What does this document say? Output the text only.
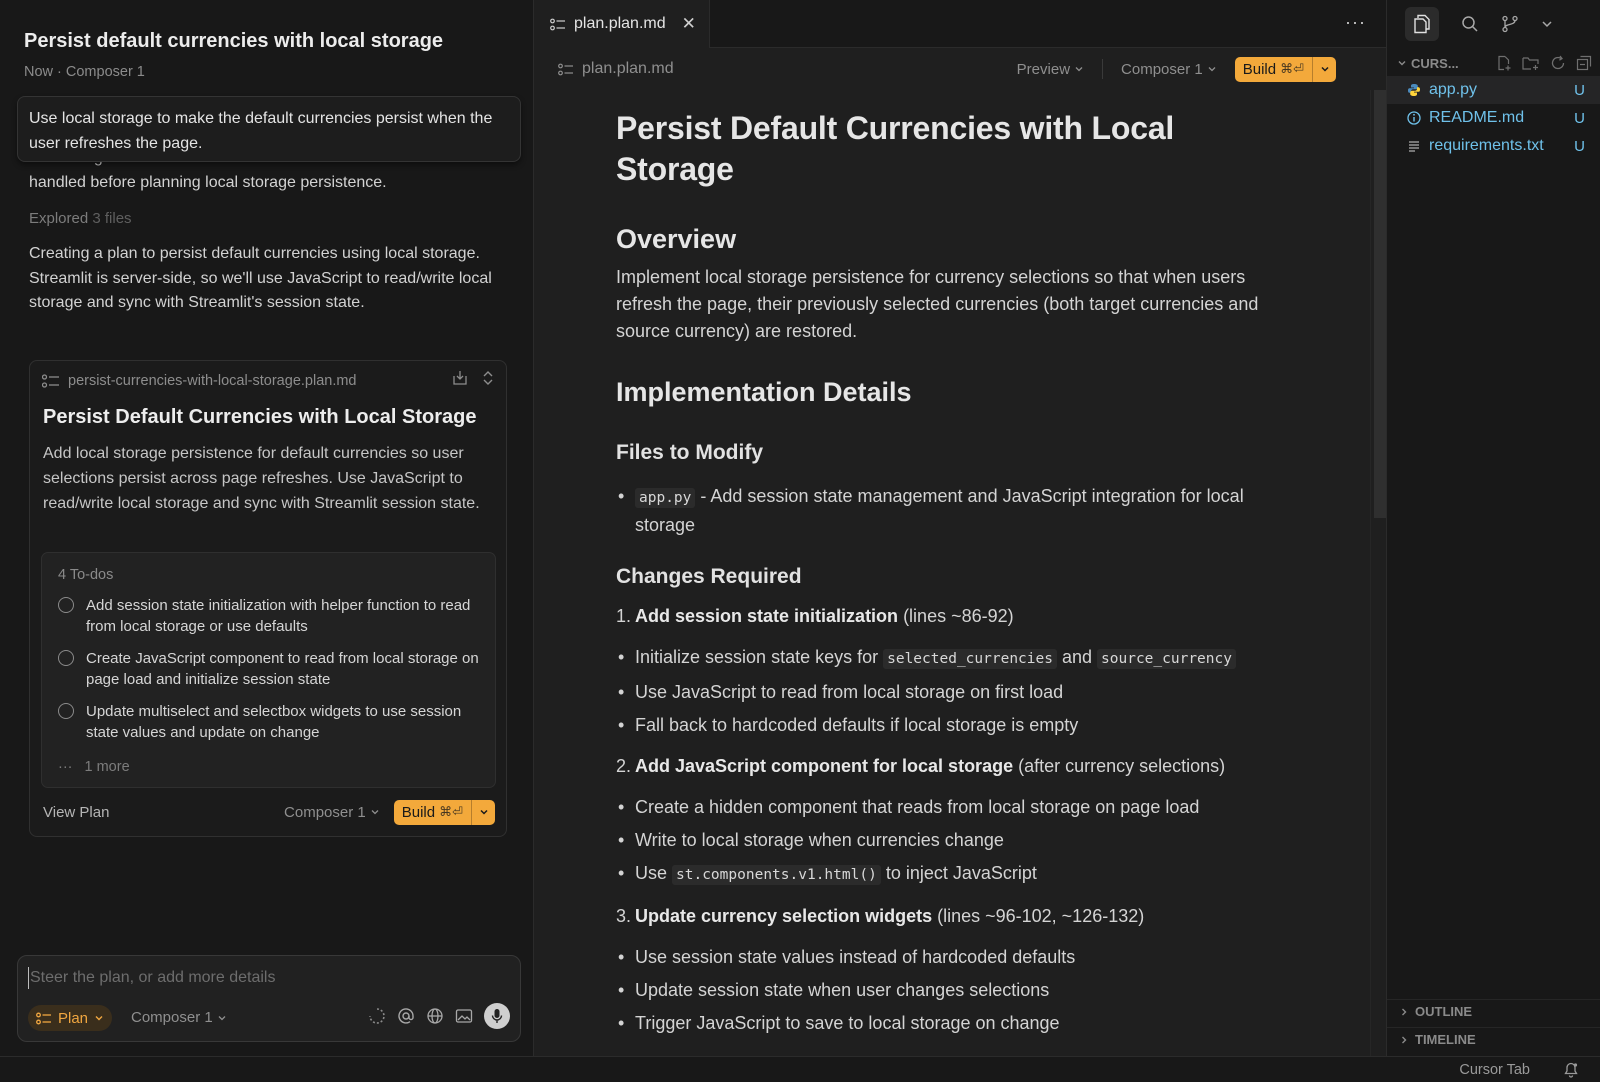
Persist default currencies with local storage
Now · Composer 1
handled before planning local storage persistence.
Explored 3 files
Creating a plan to persist default currencies using local storage. Streamlit is server-side, so we'll use JavaScript to read/write local storage and sync with Streamlit's session state.
Use local storage to make the default currencies persist when the user refreshes the page.
persist-currencies-with-local-storage.plan.md
Persist Default Currencies with Local Storage
Add local storage persistence for default currencies so user selections persist across page refreshes. Use JavaScript to read/write local storage and sync with Streamlit session state.
4 To-dos
Add session state initialization with helper function to read from local storage or use defaults
Create JavaScript component to read from local storage on page load and initialize session state
Update multiselect and selectbox widgets to use session state values and update on change
··· 1 more
View Plan	Composer 1 Build ⌘⏎
Steer the plan, or add more details
Plan	Composer 1
plan.plan.md ✕	···
plan.plan.md	Preview	Composer 1	Build ⌘⏎
Persist Default Currencies with Local Storage
Overview

Implement local storage persistence for currency selections so that when users refresh the page, their previously selected currencies (both target currencies and source currency) are restored.

Implementation Details
Files to Modify
• app.py - Add session state management and JavaScript integration for local storage
Changes Required
1. Add session state initialization (lines ~86-92)
• Initialize session state keys for selected_currencies and source_currency
• Use JavaScript to read from local storage on first load
• Fall back to hardcoded defaults if local storage is empty
2. Add JavaScript component for local storage (after currency selections)
• Create a hidden component that reads from local storage on page load
• Write to local storage when currencies change
• Use st.components.v1.html() to inject JavaScript
3. Update currency selection widgets (lines ~96-102, ~126-132)
• Use session state values instead of hardcoded defaults
• Update session state when user changes selections
• Trigger JavaScript to save to local storage on change
CURS...
app.py	U
README.md	U
requirements.txt U
OUTLINE
TIMELINE
Cursor Tab
